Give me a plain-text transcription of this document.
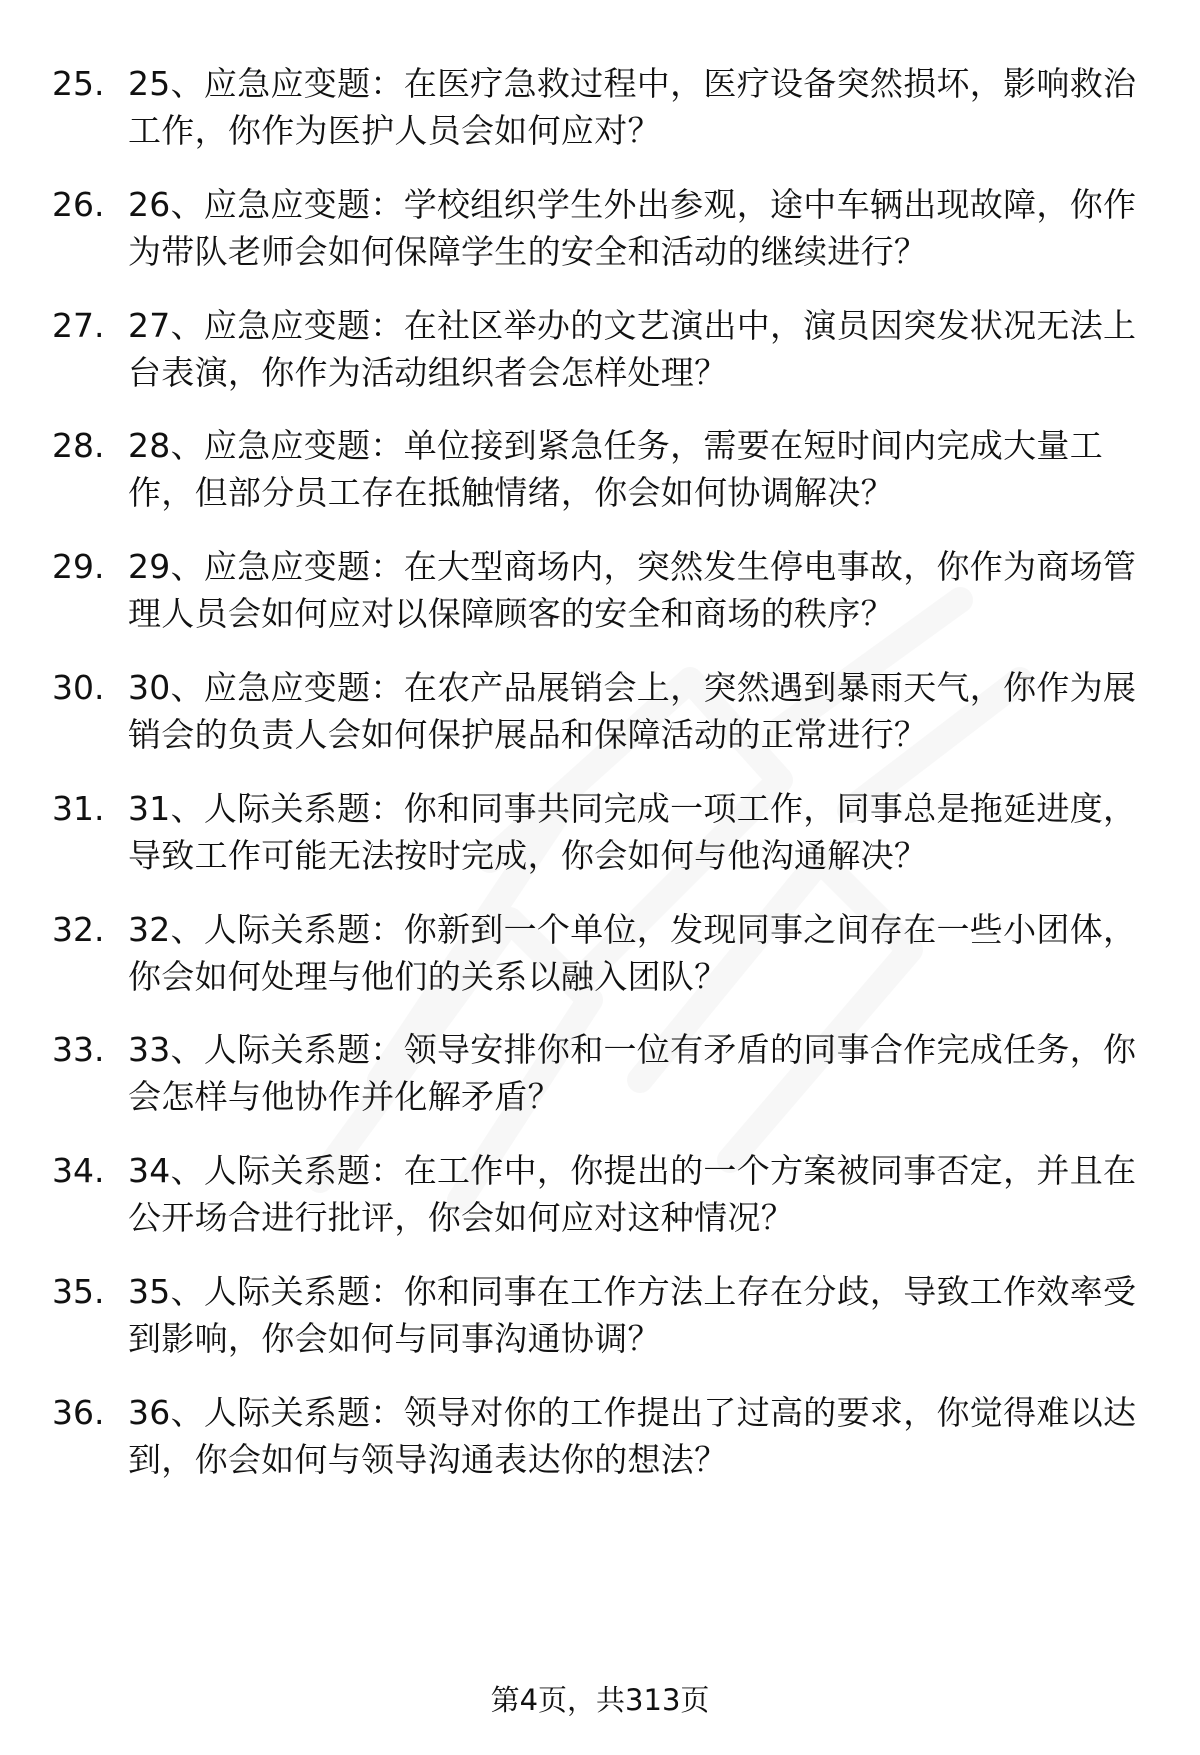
25. 25、应急应变题：在医疗急救过程中，医疗设备突然损坏，影响救治工作，你作为医护人员会如何应对？
26. 26、应急应变题：学校组织学生外出参观，途中车辆出现故障，你作为带队老师会如何保障学生的安全和活动的继续进行？
27. 27、应急应变题：在社区举办的文艺演出中，演员因突发状况无法上台表演，你作为活动组织者会怎样处理？
28. 28、应急应变题：单位接到紧急任务，需要在短时间内完成大量工作，但部分员工存在抵触情绪，你会如何协调解决？
29. 29、应急应变题：在大型商场内，突然发生停电事故，你作为商场管理人员会如何应对以保障顾客的安全和商场的秩序？
30. 30、应急应变题：在农产品展销会上，突然遇到暴雨天气，你作为展销会的负责人会如何保护展品和保障活动的正常进行？
31. 31、人际关系题：你和同事共同完成一项工作，同事总是拖延进度，导致工作可能无法按时完成，你会如何与他沟通解决？
32. 32、人际关系题：你新到一个单位，发现同事之间存在一些小团体，你会如何处理与他们的关系以融入团队？
33. 33、人际关系题：领导安排你和一位有矛盾的同事合作完成任务，你会怎样与他协作并化解矛盾？
34. 34、人际关系题：在工作中，你提出的一个方案被同事否定，并且在公开场合进行批评，你会如何应对这种情况？
35. 35、人际关系题：你和同事在工作方法上存在分歧，导致工作效率受到影响，你会如何与同事沟通协调？
36. 36、人际关系题：领导对你的工作提出了过高的要求，你觉得难以达到，你会如何与领导沟通表达你的想法？
第4页，共313页
